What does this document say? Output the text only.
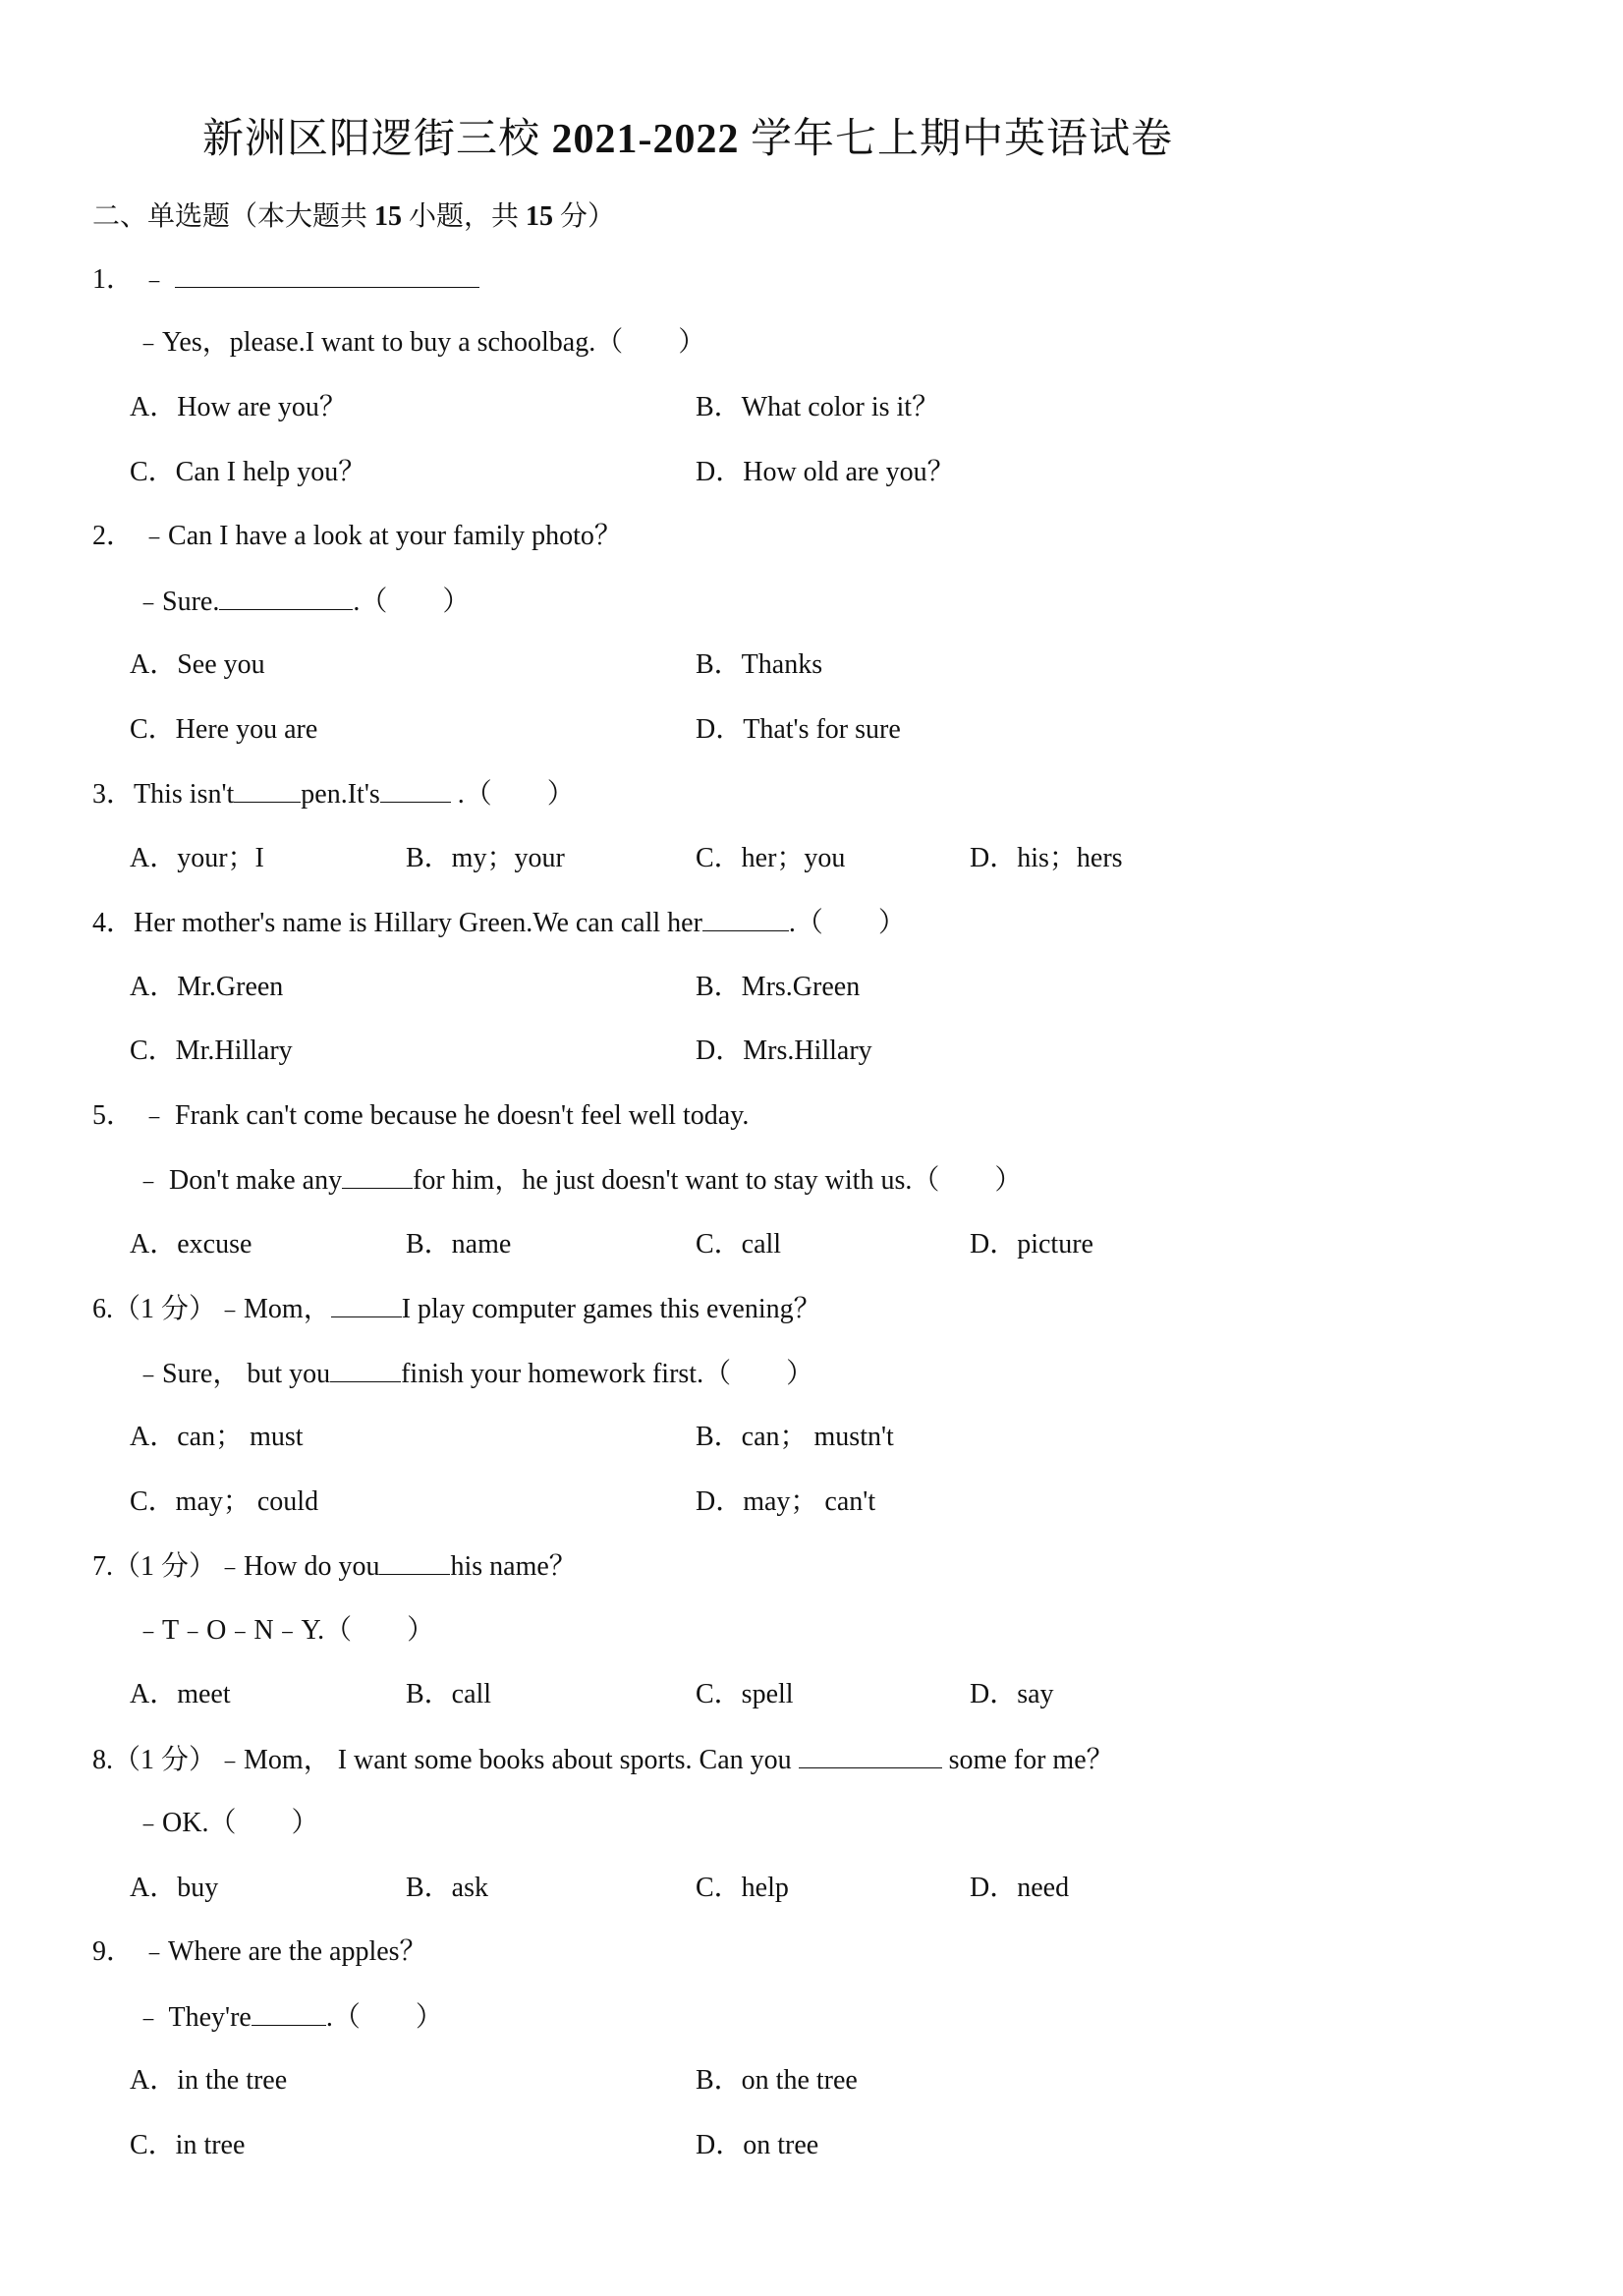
新洲区阳逻街三校 2021-2022 学年七上期中英语试卷
二、单选题（本大题共 15 小题，共 15 分）
1． ﹣
﹣Yes，please.I want to buy a schoolbag.（　　）
A．How are you？	B．What color is it？
C．Can I help you？	D．How old are you？
2． ﹣Can I have a look at your family photo？
﹣Sure.	.（　　）
A．See you	B．Thanks
C．Here you are	D．That's for sure
3．This isn't pen.It's	.（　　）
A．your；I	B．my；your	C．her；you	D．his；hers
4．Her mother's name is Hillary Green.We can call her	.（　　）
A．Mr.Green	B．Mrs.Green
C．Mr.Hillary	D．Mrs.Hillary
5． ﹣ Frank can't come because he doesn't feel well today.
﹣ Don't make any	for him，he just doesn't want to stay with us.（　　）
A．excuse	B．name	C．call	D．picture
6.（1 分）﹣Mom，	I play computer games this evening？
﹣Sure， but you	finish your homework first.（　　）
A．can； must	B．can； mustn't
C．may； could	D．may； can't
7.（1 分）﹣How do you	his name？
﹣T﹣O﹣N﹣Y.（　　）
A．meet	B．call	C．spell	D．say
8.（1 分）﹣Mom， I want some books about sports. Can you	some for me？
﹣OK.（　　）
A．buy	B．ask	C．help	D．need
9． ﹣Where are the apples？
﹣ They're	.（　　）
A．in the tree	B．on the tree
C．in tree	D．on tree
